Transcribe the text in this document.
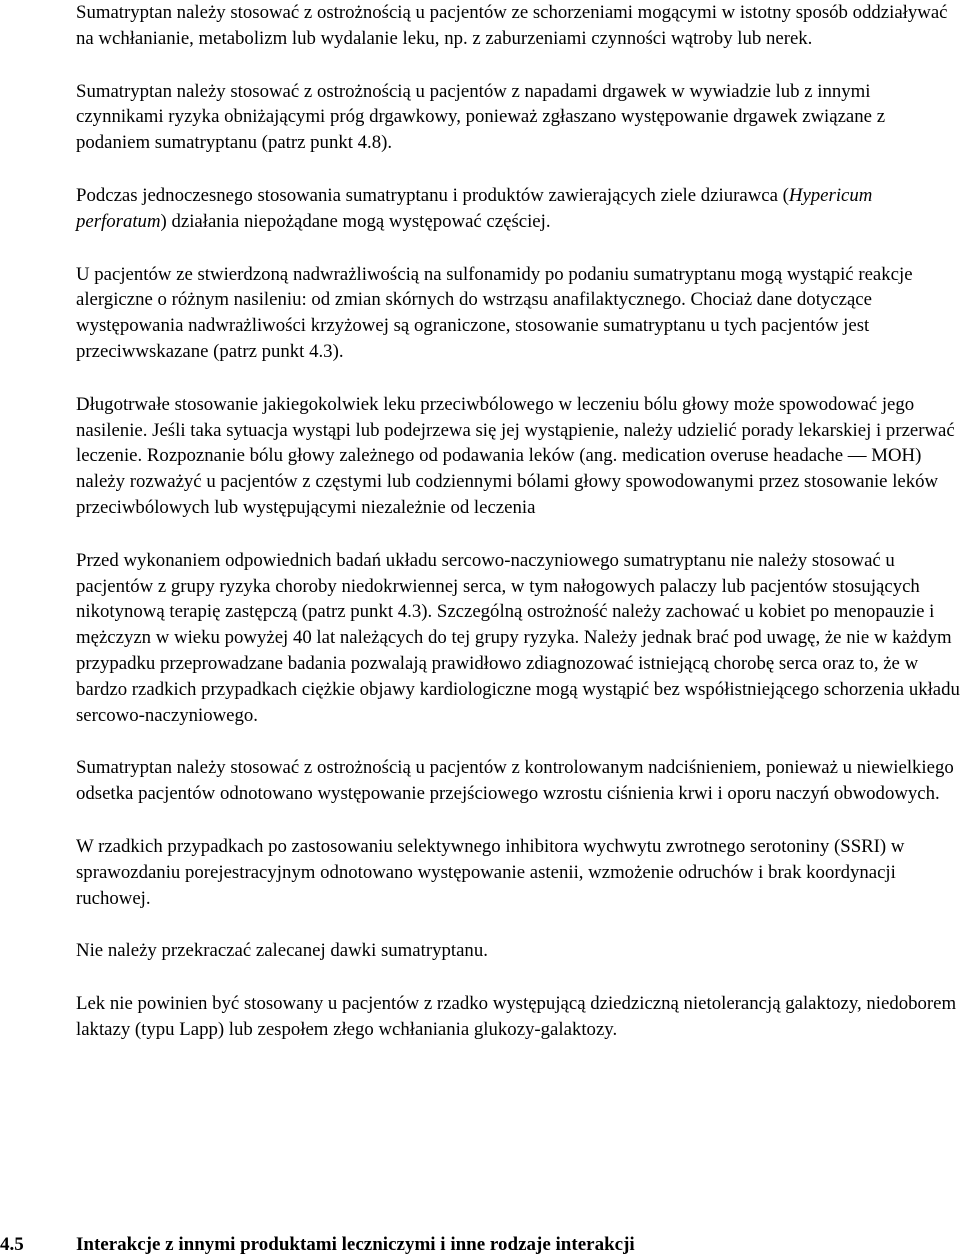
Sumatryptan należy stosować z ostrożnością u pacjentów ze schorzeniami mogącymi w istotny sposób oddziaływać na wchłanianie, metabolizm lub wydalanie leku, np. z zaburzeniami czynności wątroby lub nerek.

Sumatryptan należy stosować z ostrożnością u pacjentów z napadami drgawek w wywiadzie lub z innymi czynnikami ryzyka obniżającymi próg drgawkowy, ponieważ zgłaszano występowanie drgawek związane z podaniem sumatryptanu (patrz punkt 4.8).

Podczas jednoczesnego stosowania sumatryptanu i produktów zawierających ziele dziurawca (Hypericum perforatum) działania niepożądane mogą występować częściej.

U pacjentów ze stwierdzoną nadwrażliwością na sulfonamidy po podaniu sumatryptanu mogą wystąpić reakcje alergiczne o różnym nasileniu: od zmian skórnych do wstrząsu anafilaktycznego. Chociaż dane dotyczące występowania nadwrażliwości krzyżowej są ograniczone, stosowanie sumatryptanu u tych pacjentów jest przeciwwskazane (patrz punkt 4.3).

Długotrwałe stosowanie jakiegokolwiek leku przeciwbólowego w leczeniu bólu głowy może spowodować jego nasilenie. Jeśli taka sytuacja wystąpi lub podejrzewa się jej wystąpienie, należy udzielić porady lekarskiej i przerwać leczenie. Rozpoznanie bólu głowy zależnego od podawania leków (ang. medication overuse headache — MOH) należy rozważyć u pacjentów z częstymi lub codziennymi bólami głowy spowodowanymi przez stosowanie leków przeciwbólowych lub występującymi niezależnie od leczenia

Przed wykonaniem odpowiednich badań układu sercowo-naczyniowego sumatryptanu nie należy stosować u pacjentów z grupy ryzyka choroby niedokrwiennej serca, w tym nałogowych palaczy lub pacjentów stosujących nikotynową terapię zastępczą (patrz punkt 4.3). Szczególną ostrożność należy zachować u kobiet po menopauzie i mężczyzn w wieku powyżej 40 lat należących do tej grupy ryzyka. Należy jednak brać pod uwagę, że nie w każdym przypadku przeprowadzane badania pozwalają prawidłowo zdiagnozować istniejącą chorobę serca oraz to, że w bardzo rzadkich przypadkach ciężkie objawy kardiologiczne mogą wystąpić bez współistniejącego schorzenia układu sercowo-naczyniowego.

Sumatryptan należy stosować z ostrożnością u pacjentów z kontrolowanym nadciśnieniem, ponieważ u niewielkiego odsetka pacjentów odnotowano występowanie przejściowego wzrostu ciśnienia krwi i oporu naczyń obwodowych.

W rzadkich przypadkach po zastosowaniu selektywnego inhibitora wychwytu zwrotnego serotoniny (SSRI) w sprawozdaniu porejestracyjnym odnotowano występowanie astenii, wzmożenie odruchów i brak koordynacji ruchowej.

Nie należy przekraczać zalecanej dawki sumatryptanu.

Lek nie powinien być stosowany u pacjentów z rzadko występującą dziedziczną nietolerancją galaktozy, niedoborem laktazy (typu Lapp) lub zespołem złego wchłaniania glukozy-galaktozy.

4.5	Interakcje z innymi produktami leczniczymi i inne rodzaje interakcji
